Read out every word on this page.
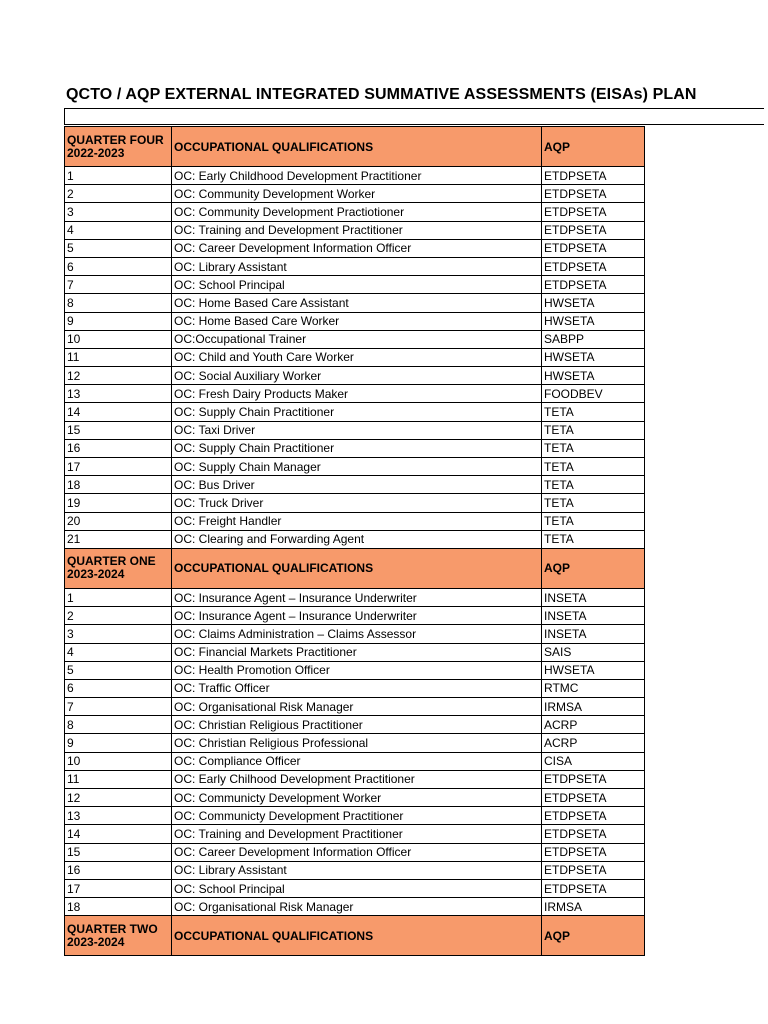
QCTO / AQP EXTERNAL INTEGRATED SUMMATIVE ASSESSMENTS (EISAs) PLAN
QUARTER FOUR
2022-2023	OCCUPATIONAL QUALIFICATIONS	AQP
1	OC: Early Childhood Development Practitioner	ETDPSETA
2	OC: Community Development Worker	ETDPSETA
3	OC: Community Development Practiotioner	ETDPSETA
4	OC: Training and Development Practitioner	ETDPSETA
5	OC: Career Development Information Officer	ETDPSETA
6	OC: Library Assistant	ETDPSETA
7	OC: School Principal	ETDPSETA
8	OC: Home Based Care Assistant	HWSETA
9	OC: Home Based Care Worker	HWSETA
10	OC:Occupational Trainer	SABPP
11	OC: Child and Youth Care Worker	HWSETA
12	OC: Social Auxiliary Worker	HWSETA
13	OC: Fresh Dairy Products Maker	FOODBEV
14	OC: Supply Chain Practitioner	TETA
15	OC: Taxi Driver	TETA
16	OC: Supply Chain Practitioner	TETA
17	OC: Supply Chain Manager	TETA
18	OC: Bus Driver	TETA
19	OC: Truck Driver	TETA
20	OC: Freight Handler	TETA
21	OC: Clearing and Forwarding Agent	TETA

QUARTER ONE
2023-2024	OCCUPATIONAL QUALIFICATIONS	AQP
1	OC: Insurance Agent – Insurance Underwriter	INSETA
2	OC: Insurance Agent – Insurance Underwriter	INSETA
3	OC: Claims Administration – Claims Assessor	INSETA
4	OC: Financial Markets Practitioner	SAIS
5	OC: Health Promotion Officer	HWSETA
6	OC: Traffic Officer	RTMC
7	OC: Organisational Risk Manager	IRMSA
8	OC: Christian Religious Practitioner	ACRP
9	OC: Christian Religious Professional	ACRP
10	OC: Compliance Officer	CISA
11	OC: Early Chilhood Development Practitioner	ETDPSETA
12	OC: Communicty Development Worker	ETDPSETA
13	OC: Communicty Development Practitioner	ETDPSETA
14	OC: Training and Development Practitioner	ETDPSETA
15	OC: Career Development Information Officer	ETDPSETA
16	OC: Library Assistant	ETDPSETA
17	OC: School Principal	ETDPSETA
18	OC: Organisational Risk Manager	IRMSA

QUARTER TWO
2023-2024	OCCUPATIONAL QUALIFICATIONS	AQP
